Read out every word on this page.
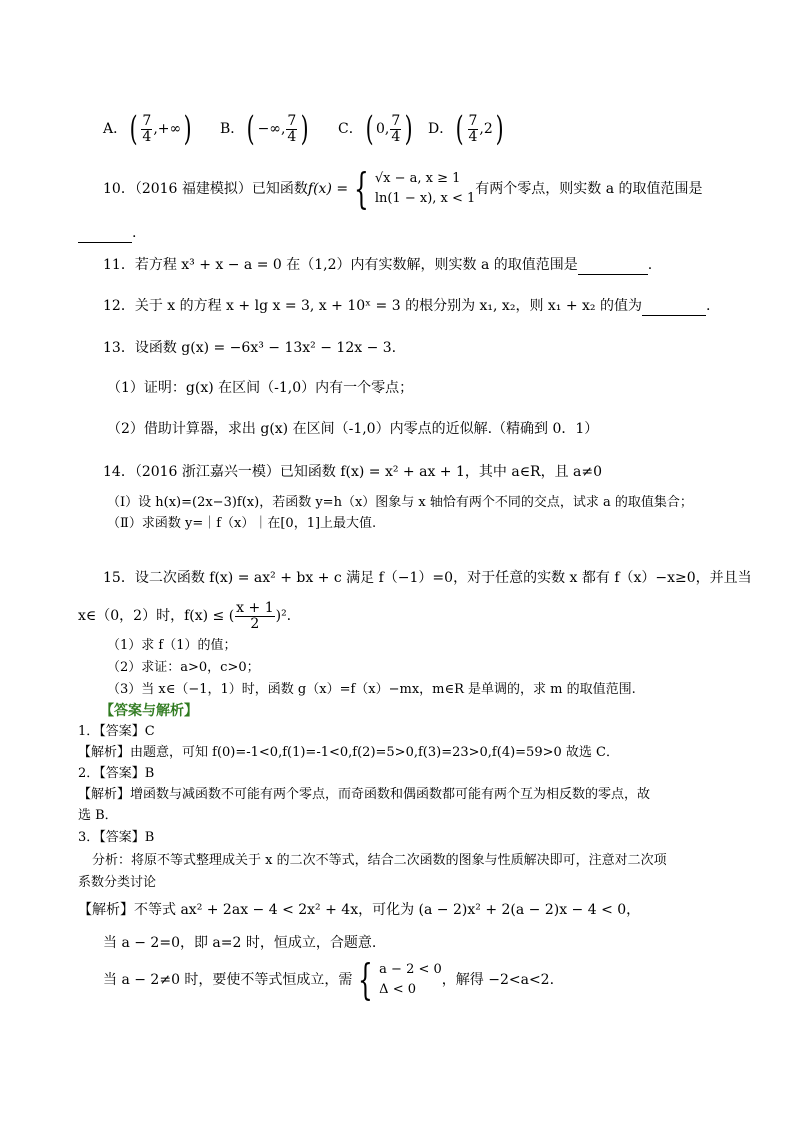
A． ( $\frac{7}{4}$ ,+∞ ) B． ( −∞, $\frac{7}{4}$ ) C． ( 0, $\frac{7}{4}$ ) D． ( $\frac{7}{4} ,2$ )
10．（2016 福建模拟）已知函数 f(x) = { √x − a, x ≥ 1
ln(1 − x), x < 1
有两个零点，则实数 a 的取值范围是
.
11．若方程 x³ + x − a = 0 在（1,2）内有实数解，则实数 a 的取值范围是	.
12．关于 x 的方程 x + lg x = 3, x + 10ˣ = 3 的根分别为 x₁, x₂，则 x₁ + x₂ 的值为	.
13．设函数 g(x) = −6x³ − 13x² − 12x − 3.
（1）证明：g(x) 在区间（-1,0）内有一个零点；
（2）借助计算器，求出 g(x) 在区间（-1,0）内零点的近似解.（精确到 0．1）
14．（2016 浙江嘉兴一模）已知函数 f(x) = x² + ax + 1，其中 a∈R，且 a≠0
（Ⅰ）设 h(x)=(2x−3)f(x)，若函数 y=h（x）图象与 x 轴恰有两个不同的交点，试求 a 的取值集合；
（Ⅱ）求函数 y=｜f（x）｜在[0，1]上最大值.
15．设二次函数 f(x) = ax² + bx + c 满足 f（−1）=0，对于任意的实数 x 都有 f（x）−x≥0，并且当
x∈（0，2）时，f(x) ≤ ( $\frac{x + 1}{2} )^2$.
（1）求 f（1）的值；
（2）求证：a>0，c>0；
（3）当 x∈（−1，1）时，函数 g（x）=f（x）−mx，m∈R 是单调的，求 m 的取值范围.
【答案与解析】
1．【答案】C
【解析】由题意，可知 f(0)=-1<0,f(1)=-1<0,f(2)=5>0,f(3)=23>0,f(4)=59>0 故选 C．
2．【答案】B
【解析】增函数与减函数不可能有两个零点，而奇函数和偶函数都可能有两个互为相反数的零点，故
选 B．
3．【答案】B
分析：将原不等式整理成关于 x 的二次不等式，结合二次函数的图象与性质解决即可，注意对二次项
系数分类讨论
【解析】不等式 ax² + 2ax − 4 < 2x² + 4x，可化为 (a − 2)x² + 2(a − 2)x − 4 < 0，
当 a − 2=0，即 a=2 时，恒成立，合题意.
当 a − 2≠0 时，要使不等式恒成立，需 { a − 2 < 0
Δ < 0
，解得 −2<a<2.
